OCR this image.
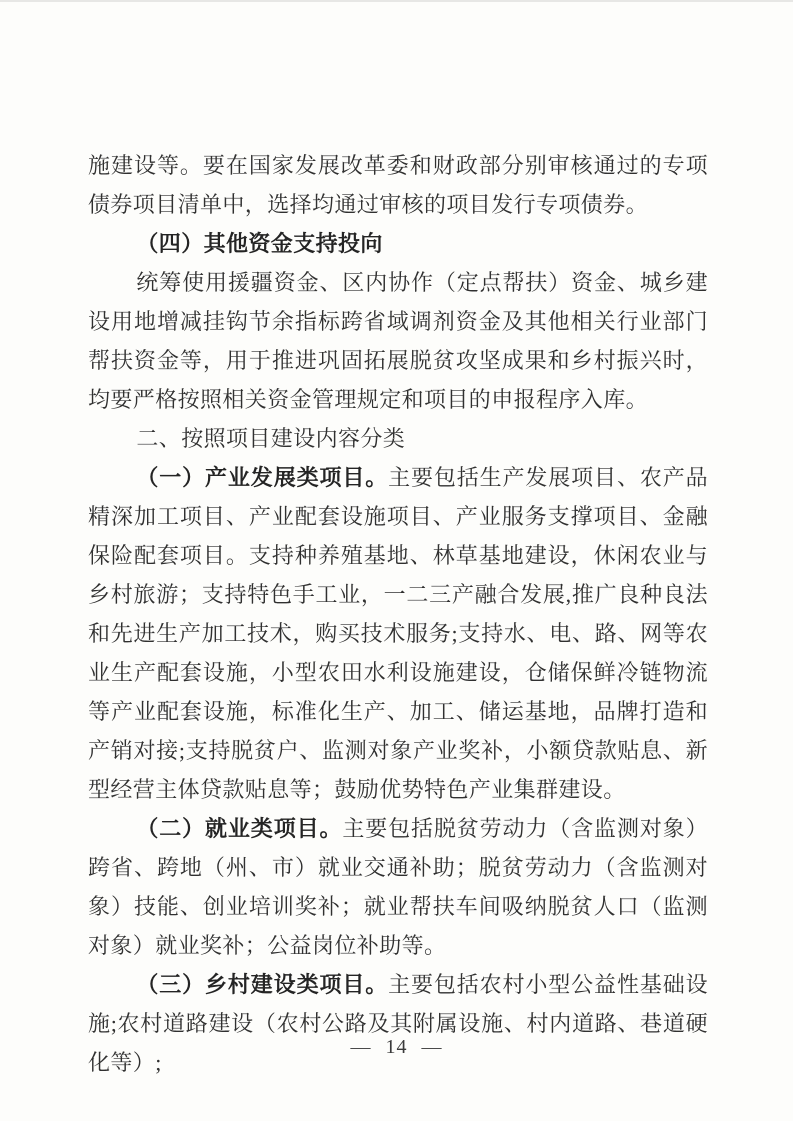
施建设等。要在国家发展改革委和财政部分别审核通过的专项债券项目清单中，选择均通过审核的项目发行专项债券。

（四）其他资金支持投向

统筹使用援疆资金、区内协作（定点帮扶）资金、城乡建设用地增减挂钩节余指标跨省域调剂资金及其他相关行业部门帮扶资金等，用于推进巩固拓展脱贫攻坚成果和乡村振兴时，均要严格按照相关资金管理规定和项目的申报程序入库。

二、按照项目建设内容分类

（一）产业发展类项目。主要包括生产发展项目、农产品精深加工项目、产业配套设施项目、产业服务支撑项目、金融保险配套项目。支持种养殖基地、林草基地建设，休闲农业与乡村旅游；支持特色手工业，一二三产融合发展,推广良种良法和先进生产加工技术，购买技术服务;支持水、电、路、网等农业生产配套设施，小型农田水利设施建设，仓储保鲜冷链物流等产业配套设施，标准化生产、加工、储运基地，品牌打造和产销对接;支持脱贫户、监测对象产业奖补，小额贷款贴息、新型经营主体贷款贴息等；鼓励优势特色产业集群建设。

（二）就业类项目。主要包括脱贫劳动力（含监测对象）跨省、跨地（州、市）就业交通补助；脱贫劳动力（含监测对象）技能、创业培训奖补；就业帮扶车间吸纳脱贫人口（监测对象）就业奖补；公益岗位补助等。

（三）乡村建设类项目。主要包括农村小型公益性基础设施;农村道路建设（农村公路及其附属设施、村内道路、巷道硬化等）;

— 14 —
